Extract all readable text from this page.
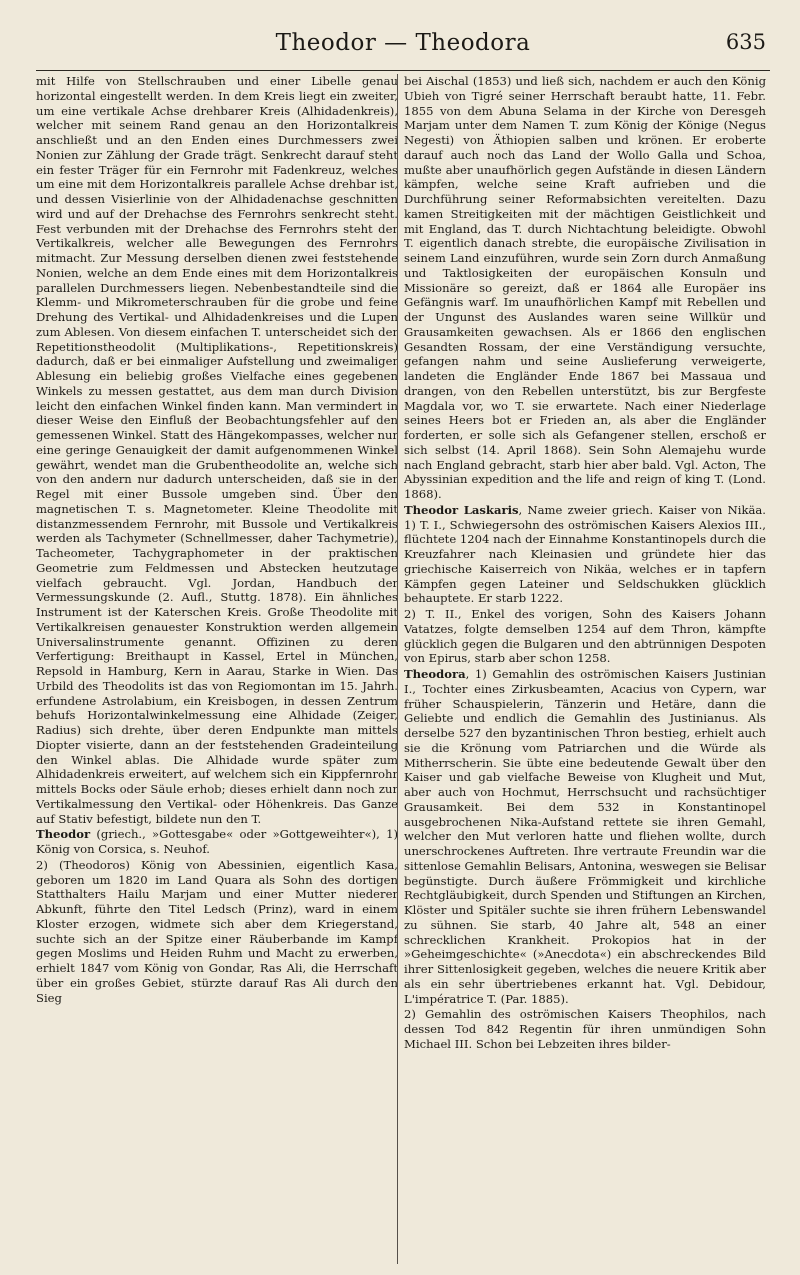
Theodor — Theodora	635

mit Hilfe von Stellschrauben und einer Libelle genau horizontal eingestellt werden. In dem Kreis liegt ein zweiter, um eine vertikale Achse drehbarer Kreis (Alhidadenkreis), welcher mit seinem Rand genau an den Horizontalkreis anschließt und an den Enden eines Durchmessers zwei Nonien zur Zählung der Grade trägt. Senkrecht darauf steht ein fester Träger für ein Fernrohr mit Fadenkreuz, welches um eine mit dem Horizontalkreis parallele Achse drehbar ist, und dessen Visierlinie von der Alhidadenachse geschnitten wird und auf der Drehachse des Fernrohrs senkrecht steht. Fest verbunden mit der Drehachse des Fernrohrs steht der Vertikalkreis, welcher alle Bewegungen des Fernrohrs mitmacht. Zur Messung derselben dienen zwei feststehende Nonien, welche an dem Ende eines mit dem Horizontalkreis parallelen Durchmessers liegen. Nebenbestandteile sind die Klemm- und Mikrometerschrauben für die grobe und feine Drehung des Vertikal- und Alhidadenkreises und die Lupen zum Ablesen. Von diesem einfachen T. unterscheidet sich der Repetitionstheodolit (Multiplikations-, Repetitionskreis) dadurch, daß er bei einmaliger Aufstellung und zweimaliger Ablesung ein beliebig großes Vielfache eines gegebenen Winkels zu messen gestattet, aus dem man durch Division leicht den einfachen Winkel finden kann. Man vermindert in dieser Weise den Einfluß der Beobachtungsfehler auf den gemessenen Winkel. Statt des Hängekompasses, welcher nur eine geringe Genauigkeit der damit aufgenommenen Winkel gewährt, wendet man die Grubentheodolite an, welche sich von den andern nur dadurch unterscheiden, daß sie in der Regel mit einer Bussole umgeben sind. Über den magnetischen T. s. Magnetometer. Kleine Theodolite mit distanzmessendem Fernrohr, mit Bussole und Vertikalkreis werden als Tachymeter (Schnellmesser, daher Tachymetrie), Tacheometer, Tachygraphometer in der praktischen Geometrie zum Feldmessen und Abstecken heutzutage vielfach gebraucht. Vgl. Jordan, Handbuch der Vermessungskunde (2. Aufl., Stuttg. 1878). Ein ähnliches Instrument ist der Katerschen Kreis. Große Theodolite mit Vertikalkreisen genauester Konstruktion werden allgemein Universalinstrumente genannt. Offizinen zu deren Verfertigung: Breithaupt in Kassel, Ertel in München, Repsold in Hamburg, Kern in Aarau, Starke in Wien. Das Urbild des Theodolits ist das von Regiomontan im 15. Jahrh. erfundene Astrolabium, ein Kreisbogen, in dessen Zentrum behufs Horizontalwinkelmessung eine Alhidade (Zeiger, Radius) sich drehte, über deren Endpunkte man mittels Diopter visierte, dann an der feststehenden Gradeinteilung den Winkel ablas. Die Alhidade wurde später zum Alhidadenkreis erweitert, auf welchem sich ein Kippfernrohr mittels Bocks oder Säule erhob; dieses erhielt dann noch zur Vertikalmessung den Vertikal- oder Höhenkreis. Das Ganze auf Stativ befestigt, bildete nun den T.

Theodor (griech., »Gottesgabe« oder »Gottgeweihter«), 1) König von Corsica, s. Neuhof.

2) (Theodoros) König von Abessinien, eigentlich Kasa, geboren um 1820 im Land Quara als Sohn des dortigen Statthalters Hailu Marjam und einer Mutter niederer Abkunft, führte den Titel Ledsch (Prinz), ward in einem Kloster erzogen, widmete sich aber dem Kriegerstand, suchte sich an der Spitze einer Räuberbande im Kampf gegen Moslims und Heiden Ruhm und Macht zu erwerben, erhielt 1847 vom König von Gondar, Ras Ali, die Herrschaft über ein großes Gebiet, stürzte darauf Ras Ali durch den Sieg

bei Aischal (1853) und ließ sich, nachdem er auch den König Ubieh von Tigré seiner Herrschaft beraubt hatte, 11. Febr. 1855 von dem Abuna Selama in der Kirche von Deresgeh Marjam unter dem Namen T. zum König der Könige (Negus Negesti) von Äthiopien salben und krönen. Er eroberte darauf auch noch das Land der Wollo Galla und Schoa, mußte aber unaufhörlich gegen Aufstände in diesen Ländern kämpfen, welche seine Kraft aufrieben und die Durchführung seiner Reformabsichten vereitelten. Dazu kamen Streitigkeiten mit der mächtigen Geistlichkeit und mit England, das T. durch Nichtachtung beleidigte. Obwohl T. eigentlich danach strebte, die europäische Zivilisation in seinem Land einzuführen, wurde sein Zorn durch Anmaßung und Taktlosigkeiten der europäischen Konsuln und Missionäre so gereizt, daß er 1864 alle Europäer ins Gefängnis warf. Im unaufhörlichen Kampf mit Rebellen und der Ungunst des Auslandes waren seine Willkür und Grausamkeiten gewachsen. Als er 1866 den englischen Gesandten Rossam, der eine Verständigung versuchte, gefangen nahm und seine Auslieferung verweigerte, landeten die Engländer Ende 1867 bei Massaua und drangen, von den Rebellen unterstützt, bis zur Bergfeste Magdala vor, wo T. sie erwartete. Nach einer Niederlage seines Heers bot er Frieden an, als aber die Engländer forderten, er solle sich als Gefangener stellen, erschoß er sich selbst (14. April 1868). Sein Sohn Alemajehu wurde nach England gebracht, starb hier aber bald. Vgl. Acton, The Abyssinian expedition and the life and reign of king T. (Lond. 1868).

Theodor Laskaris, Name zweier griech. Kaiser von Nikäa. 1) T. I., Schwiegersohn des oströmischen Kaisers Alexios III., flüchtete 1204 nach der Einnahme Konstantinopels durch die Kreuzfahrer nach Kleinasien und gründete hier das griechische Kaiserreich von Nikäa, welches er in tapfern Kämpfen gegen Lateiner und Seldschukken glücklich behauptete. Er starb 1222.

2) T. II., Enkel des vorigen, Sohn des Kaisers Johann Vatatzes, folgte demselben 1254 auf dem Thron, kämpfte glücklich gegen die Bulgaren und den abtrünnigen Despoten von Epirus, starb aber schon 1258.

Theodora, 1) Gemahlin des oströmischen Kaisers Justinian I., Tochter eines Zirkusbeamten, Acacius von Cypern, war früher Schauspielerin, Tänzerin und Hetäre, dann die Geliebte und endlich die Gemahlin des Justinianus. Als derselbe 527 den byzantinischen Thron bestieg, erhielt auch sie die Krönung vom Patriarchen und die Würde als Mitherrscherin. Sie übte eine bedeutende Gewalt über den Kaiser und gab vielfache Beweise von Klugheit und Mut, aber auch von Hochmut, Herrschsucht und rachsüchtiger Grausamkeit. Bei dem 532 in Konstantinopel ausgebrochenen Nika-Aufstand rettete sie ihren Gemahl, welcher den Mut verloren hatte und fliehen wollte, durch unerschrockenes Auftreten. Ihre vertraute Freundin war die sittenlose Gemahlin Belisars, Antonina, weswegen sie Belisar begünstigte. Durch äußere Frömmigkeit und kirchliche Rechtgläubigkeit, durch Spenden und Stiftungen an Kirchen, Klöster und Spitäler suchte sie ihren frühern Lebenswandel zu sühnen. Sie starb, 40 Jahre alt, 548 an einer schrecklichen Krankheit. Prokopios hat in der »Geheimgeschichte« (»Anecdota«) ein abschreckendes Bild ihrer Sittenlosigkeit gegeben, welches die neuere Kritik aber als ein sehr übertriebenes erkannt hat. Vgl. Debidour, L'impératrice T. (Par. 1885).

2) Gemahlin des oströmischen Kaisers Theophilos, nach dessen Tod 842 Regentin für ihren unmündigen Sohn Michael III. Schon bei Lebzeiten ihres bilder-
